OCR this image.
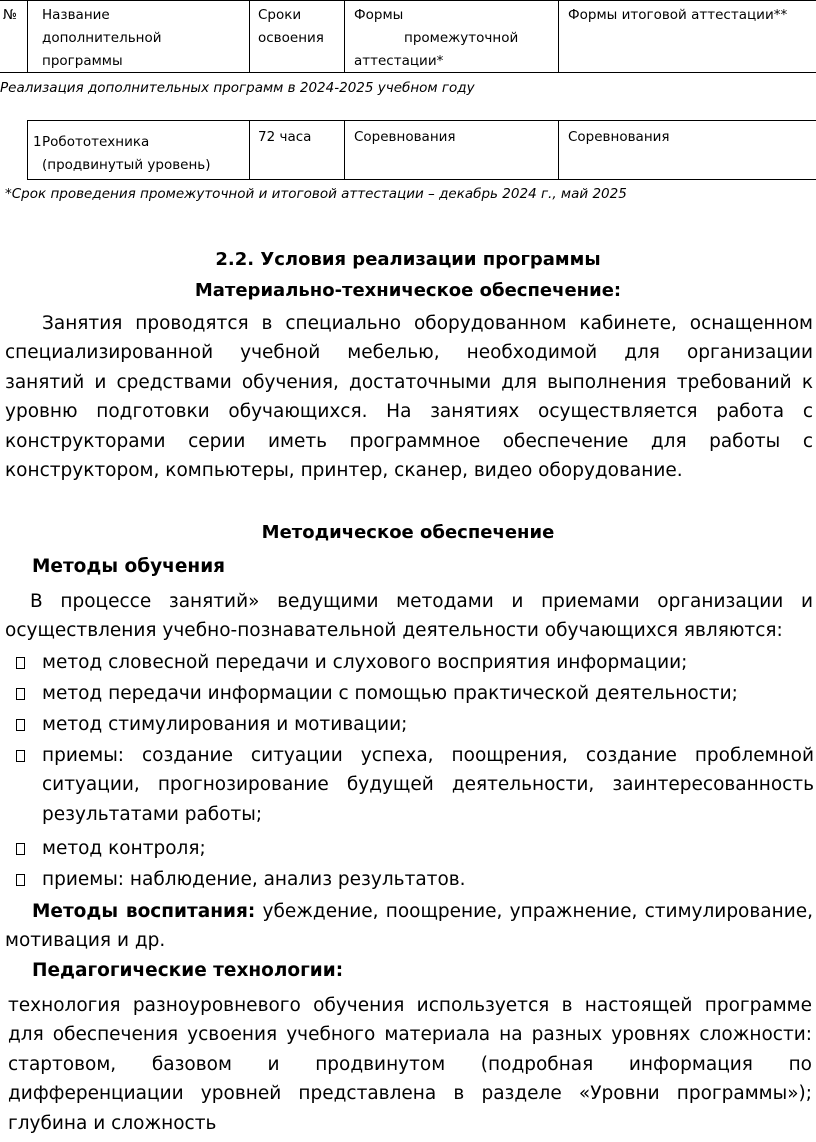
№ Название
дополнительной
программы
Сроки
освоения
Формы
промежуточной
аттестации*
Формы итоговой аттестации**
Реализация дополнительных программ в 2024-2025 учебном году
1 Робототехника
(продвинутый уровень)
72 часа	Соревнования	Соревнования
*Срок проведения промежуточной и итоговой аттестации – декабрь 2024 г., май 2025
2.2. Условия реализации программы
Материально-техническое обеспечение:
Занятия проводятся в специально оборудованном кабинете, оснащенном
специализированной учебной мебелью, необходимой для организации
занятий и средствами обучения, достаточными для выполнения требований к
уровню подготовки обучающихся. На занятиях осуществляется работа с
конструкторами серии иметь программное обеспечение для работы с
конструктором, компьютеры, принтер, сканер, видео оборудование.
Методическое обеспечение
Методы обучения
В процессе занятий» ведущими методами и приемами организации и
осуществления учебно-познавательной деятельности обучающихся являются:
метод словесной передачи и слухового восприятия информации;
метод передачи информации с помощью практической деятельности;
метод стимулирования и мотивации;
приемы: создание ситуации успеха, поощрения, создание проблемной
ситуации, прогнозирование будущей деятельности, заинтересованность
результатами работы;
метод контроля;
приемы: наблюдение, анализ результатов.
Методы воспитания: убеждение, поощрение, упражнение, стимулирование,
мотивация и др.
Педагогические технологии:
технология разноуровневого обучения используется в настоящей программе
для обеспечения усвоения учебного материала на разных уровнях сложности:
стартовом, базовом и продвинутом (подробная информация по
дифференциации уровней представлена в разделе «Уровни программы»);
глубина и сложность
